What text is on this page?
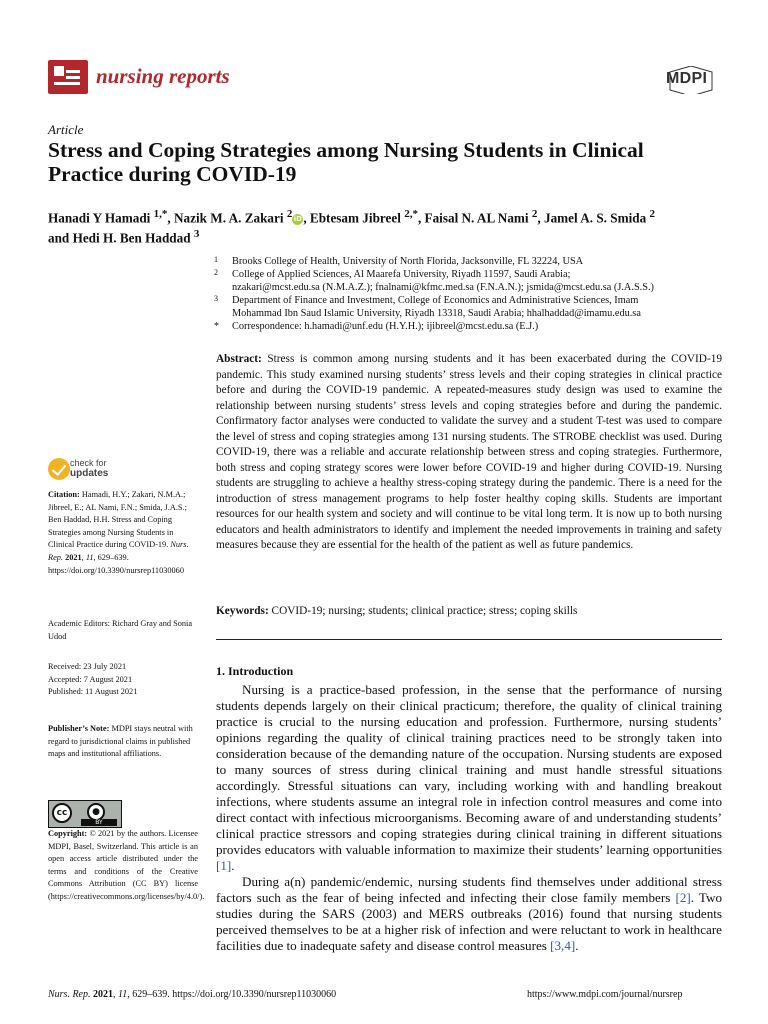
nursing reports	MDPI
Article
Stress and Coping Strategies among Nursing Students in Clinical Practice during COVID-19
Hanadi Y Hamadi $^{1,*}$, Nazik M. A. Zakari $^2$iD, Ebtesam Jibreel $^{2,*}$, Faisal N. AL Nami $^2$, Jamel A. S. Smida $^2$
and Hedi H. Ben Haddad $^3$
1 Brooks College of Health, University of North Florida, Jacksonville, FL 32224, USA
2 College of Applied Sciences, Al Maarefa University, Riyadh 11597, Saudi Arabia;
nzakari@mcst.edu.sa (N.M.A.Z.); fnalnami@kfmc.med.sa (F.N.A.N.); jsmida@mcst.edu.sa (J.A.S.S.)
3 Department of Finance and Investment, College of Economics and Administrative Sciences, Imam
Mohammad Ibn Saud Islamic University, Riyadh 13318, Saudi Arabia; hhalhaddad@imamu.edu.sa
* Correspondence: h.hamadi@unf.edu (H.Y.H.); ijibreel@mcst.edu.sa (E.J.)
Abstract: Stress is common among nursing students and it has been exacerbated during the COVID-19 pandemic. This study examined nursing students’ stress levels and their coping strategies in clinical practice before and during the COVID-19 pandemic. A repeated-measures study design was used to examine the relationship between nursing students’ stress levels and coping strategies before and during the pandemic. Confirmatory factor analyses were conducted to validate the survey and a student T-test was used to compare the level of stress and coping strategies among 131 nursing students. The STROBE checklist was used. During COVID-19, there was a reliable and accurate relationship between stress and coping strategies. Furthermore, both stress and coping strategy scores were lower before COVID-19 and higher during COVID-19. Nursing students are struggling to achieve a healthy stress-coping strategy during the pandemic. There is a need for the introduction of stress management programs to help foster healthy coping skills. Students are important resources for our health system and society and will continue to be vital long term. It is now up to both nursing educators and health administrators to identify and implement the needed improvements in training and safety measures because they are essential for the health of the patient as well as future pandemics.
Keywords: COVID-19; nursing; students; clinical practice; stress; coping skills
check for
updates
Citation: Hamadi, H.Y.; Zakari, N.M.A.; Jibreel, E.; AL Nami, F.N.; Smida, J.A.S.; Ben Haddad, H.H. Stress and Coping Strategies among Nursing Students in Clinical Practice during COVID-19. Nurs. Rep. 2021, 11, 629–639. https://doi.org/10.3390/nursrep11030060
Academic Editors: Richard Gray and Sonia Udod
Received: 23 July 2021
Accepted: 7 August 2021
Published: 11 August 2021
Publisher’s Note: MDPI stays neutral with regard to jurisdictional claims in published maps and institutional affiliations.
cc	●
BY
Copyright: © 2021 by the authors. Licensee MDPI, Basel, Switzerland. This article is an open access article distributed under the terms and conditions of the Creative Commons Attribution (CC BY) license (https://creativecommons.org/licenses/by/4.0/).
1. Introduction

Nursing is a practice-based profession, in the sense that the performance of nursing students depends largely on their clinical practicum; therefore, the quality of clinical training practice is crucial to the nursing education and profession. Furthermore, nursing students’ opinions regarding the quality of clinical training practices need to be strongly taken into consideration because of the demanding nature of the occupation. Nursing students are exposed to many sources of stress during clinical training and must handle stressful situations accordingly. Stressful situations can vary, including working with and handling breakout infections, where students assume an integral role in infection control measures and come into direct contact with infectious microorganisms. Becoming aware of and understanding students’ clinical practice stressors and coping strategies during clinical training in different situations provides educators with valuable information to maximize their students’ learning opportunities [1].

During a(n) pandemic/endemic, nursing students find themselves under additional stress factors such as the fear of being infected and infecting their close family members [2]. Two studies during the SARS (2003) and MERS outbreaks (2016) found that nursing students perceived themselves to be at a higher risk of infection and were reluctant to work in healthcare facilities due to inadequate safety and disease control measures [3,4].

Nurs. Rep. 2021, 11, 629–639. https://doi.org/10.3390/nursrep11030060	https://www.mdpi.com/journal/nursrep
